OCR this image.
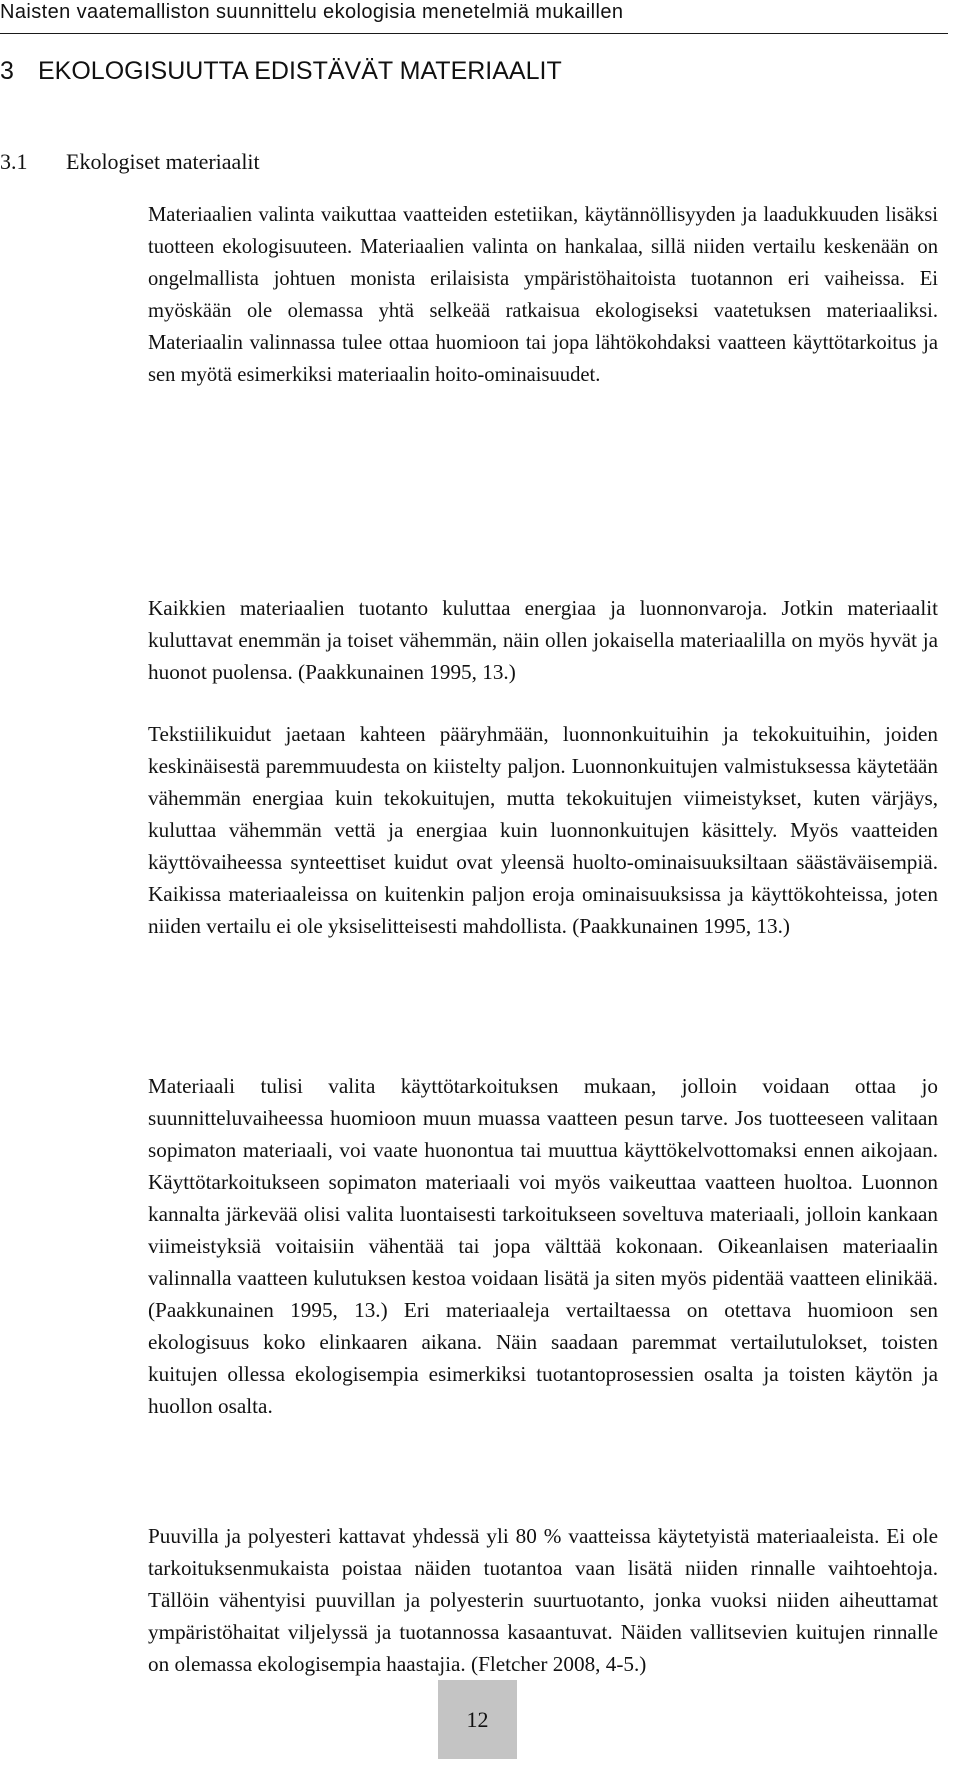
Naisten vaatemalliston suunnittelu ekologisia menetelmiä mukaillen
3 EKOLOGISUUTTA EDISTÄVÄT MATERIAALIT
3.1 Ekologiset materiaalit

Materiaalien valinta vaikuttaa vaatteiden estetiikan, käytännöllisyyden ja laadukkuuden lisäksi tuotteen ekologisuuteen. Materiaalien valinta on hankalaa, sillä niiden vertailu keskenään on ongelmallista johtuen monista erilaisista ympäristöhaitoista tuotannon eri vaiheissa. Ei myöskään ole olemassa yhtä selkeää ratkaisua ekologiseksi vaatetuksen materiaaliksi. Materiaalin valinnassa tulee ottaa huomioon tai jopa lähtökohdaksi vaatteen käyttötarkoitus ja sen myötä esimerkiksi materiaalin hoito-ominaisuudet.

Kaikkien materiaalien tuotanto kuluttaa energiaa ja luonnonvaroja. Jotkin materiaalit kuluttavat enemmän ja toiset vähemmän, näin ollen jokaisella materiaalilla on myös hyvät ja huonot puolensa. (Paakkunainen 1995, 13.)

Tekstiilikuidut jaetaan kahteen pääryhmään, luonnonkuituihin ja tekokuituihin, joiden keskinäisestä paremmuudesta on kiistelty paljon. Luonnonkuitujen valmistuksessa käytetään vähemmän energiaa kuin tekokuitujen, mutta tekokuitujen viimeistykset, kuten värjäys, kuluttaa vähemmän vettä ja energiaa kuin luonnonkuitujen käsittely. Myös vaatteiden käyttövaiheessa synteettiset kuidut ovat yleensä huolto-ominaisuuksiltaan säästäväisempiä. Kaikissa materiaaleissa on kuitenkin paljon eroja ominaisuuksissa ja käyttökohteissa, joten niiden vertailu ei ole yksiselitteisesti mahdollista. (Paakkunainen 1995, 13.)

Materiaali tulisi valita käyttötarkoituksen mukaan, jolloin voidaan ottaa jo suunnitteluvaiheessa huomioon muun muassa vaatteen pesun tarve. Jos tuotteeseen valitaan sopimaton materiaali, voi vaate huonontua tai muuttua käyttökelvottomaksi ennen aikojaan. Käyttötarkoitukseen sopimaton materiaali voi myös vaikeuttaa vaatteen huoltoa. Luonnon kannalta järkevää olisi valita luontaisesti tarkoitukseen soveltuva materiaali, jolloin kankaan viimeistyksiä voitaisiin vähentää tai jopa välttää kokonaan. Oikeanlaisen materiaalin valinnalla vaatteen kulutuksen kestoa voidaan lisätä ja siten myös pidentää vaatteen elinikää. (Paakkunainen 1995, 13.) Eri materiaaleja vertailtaessa on otettava huomioon sen ekologisuus koko elinkaaren aikana. Näin saadaan paremmat vertailutulokset, toisten kuitujen ollessa ekologisempia esimerkiksi tuotantoprosessien osalta ja toisten käytön ja huollon osalta.

Puuvilla ja polyesteri kattavat yhdessä yli 80 % vaatteissa käytetyistä materiaaleista. Ei ole tarkoituksenmukaista poistaa näiden tuotantoa vaan lisätä niiden rinnalle vaihtoehtoja. Tällöin vähentyisi puuvillan ja polyesterin suurtuotanto, jonka vuoksi niiden aiheuttamat ympäristöhaitat viljelyssä ja tuotannossa kasaantuvat. Näiden vallitsevien kuitujen rinnalle on olemassa ekologisempia haastajia. (Fletcher 2008, 4-5.)

12
